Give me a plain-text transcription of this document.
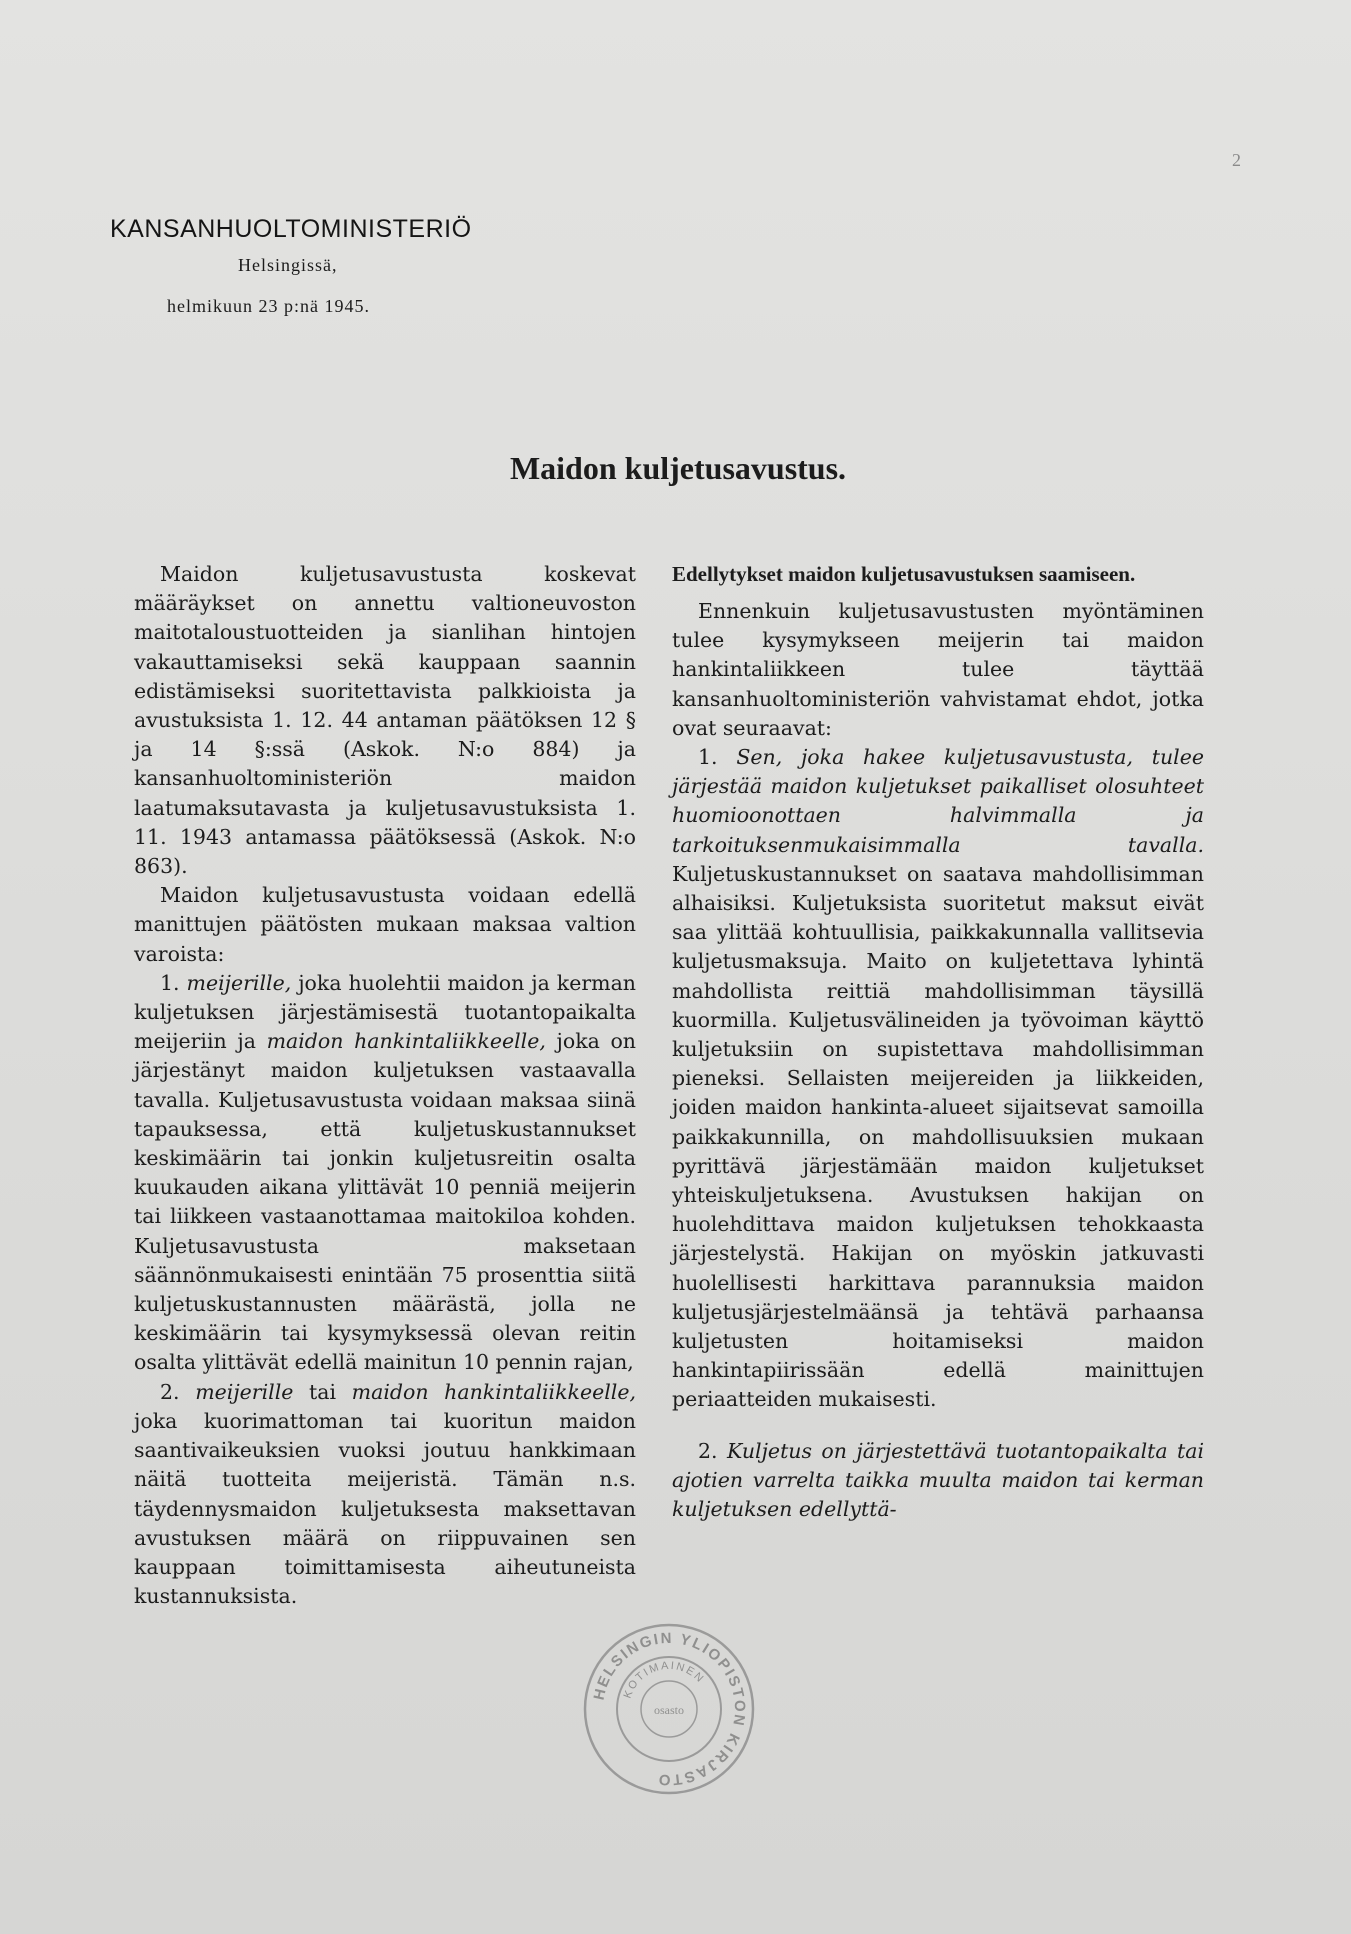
2
KANSANHUOLTOMINISTERIÖ
Helsingissä,
helmikuun 23 p:nä 1945.
Maidon kuljetusavustus.

Maidon kuljetusavustusta koskevat määräykset on annettu valtioneuvoston maitotaloustuotteiden ja sianlihan hintojen vakauttamiseksi sekä kauppaan saannin edistämiseksi suoritettavista palkkioista ja avustuksista 1. 12. 44 antaman päätöksen 12 § ja 14 §:ssä (Askok. N:o 884) ja kansanhuoltoministeriön maidon laatumaksutavasta ja kuljetusavustuksista 1. 11. 1943 antamassa päätöksessä (Askok. N:o 863).

Maidon kuljetusavustusta voidaan edellä manittujen päätösten mukaan maksaa valtion varoista:

1. meijerille, joka huolehtii maidon ja kerman kuljetuksen järjestämisestä tuotantopaikalta meijeriin ja maidon hankintaliikkeelle, joka on järjestänyt maidon kuljetuksen vastaavalla tavalla. Kuljetusavustusta voidaan maksaa siinä tapauksessa, että kuljetuskustannukset keskimäärin tai jonkin kuljetusreitin osalta kuukauden aikana ylittävät 10 penniä meijerin tai liikkeen vastaanottamaa maitokiloa kohden. Kuljetusavustusta maksetaan säännönmukaisesti enintään 75 prosenttia siitä kuljetuskustannusten määrästä, jolla ne keskimäärin tai kysymyksessä olevan reitin osalta ylittävät edellä mainitun 10 pennin rajan,

2. meijerille tai maidon hankintaliikkeelle, joka kuorimattoman tai kuoritun maidon saantivaikeuksien vuoksi joutuu hankkimaan näitä tuotteita meijeristä. Tämän n.s. täydennysmaidon kuljetuksesta maksettavan avustuksen määrä on riippuvainen sen kauppaan toimittamisesta aiheutuneista kustannuksista.

Edellytykset maidon kuljetusavustuksen saamiseen.

Ennenkuin kuljetusavustusten myöntäminen tulee kysymykseen meijerin tai maidon hankintaliikkeen tulee täyttää kansanhuoltoministeriön vahvistamat ehdot, jotka ovat seuraavat:

1. Sen, joka hakee kuljetusavustusta, tulee järjestää maidon kuljetukset paikalliset olosuhteet huomioonottaen halvimmalla ja tarkoituksenmukaisimmalla tavalla. Kuljetuskustannukset on saatava mahdollisimman alhaisiksi. Kuljetuksista suoritetut maksut eivät saa ylittää kohtuullisia, paikkakunnalla vallitsevia kuljetusmaksuja. Maito on kuljetettava lyhintä mahdollista reittiä mahdollisimman täysillä kuormilla. Kuljetusvälineiden ja työvoiman käyttö kuljetuksiin on supistettava mahdollisimman pieneksi. Sellaisten meijereiden ja liikkeiden, joiden maidon hankinta-alueet sijaitsevat samoilla paikkakunnilla, on mahdollisuuksien mukaan pyrittävä järjestämään maidon kuljetukset yhteiskuljetuksena. Avustuksen hakijan on huolehdittava maidon kuljetuksen tehokkaasta järjestelystä. Hakijan on myöskin jatkuvasti huolellisesti harkittava parannuksia maidon kuljetusjärjestelmäänsä ja tehtävä parhaansa kuljetusten hoitamiseksi maidon hankintapiirissään edellä mainittujen periaatteiden mukaisesti.

2. Kuljetus on järjestettävä tuotantopaikalta tai ajotien varrelta taikka muulta maidon tai kerman kuljetuksen edellyttä-

HELSINGIN YLIOPISTON KIRJASTO
KOTIMAINEN
osasto
